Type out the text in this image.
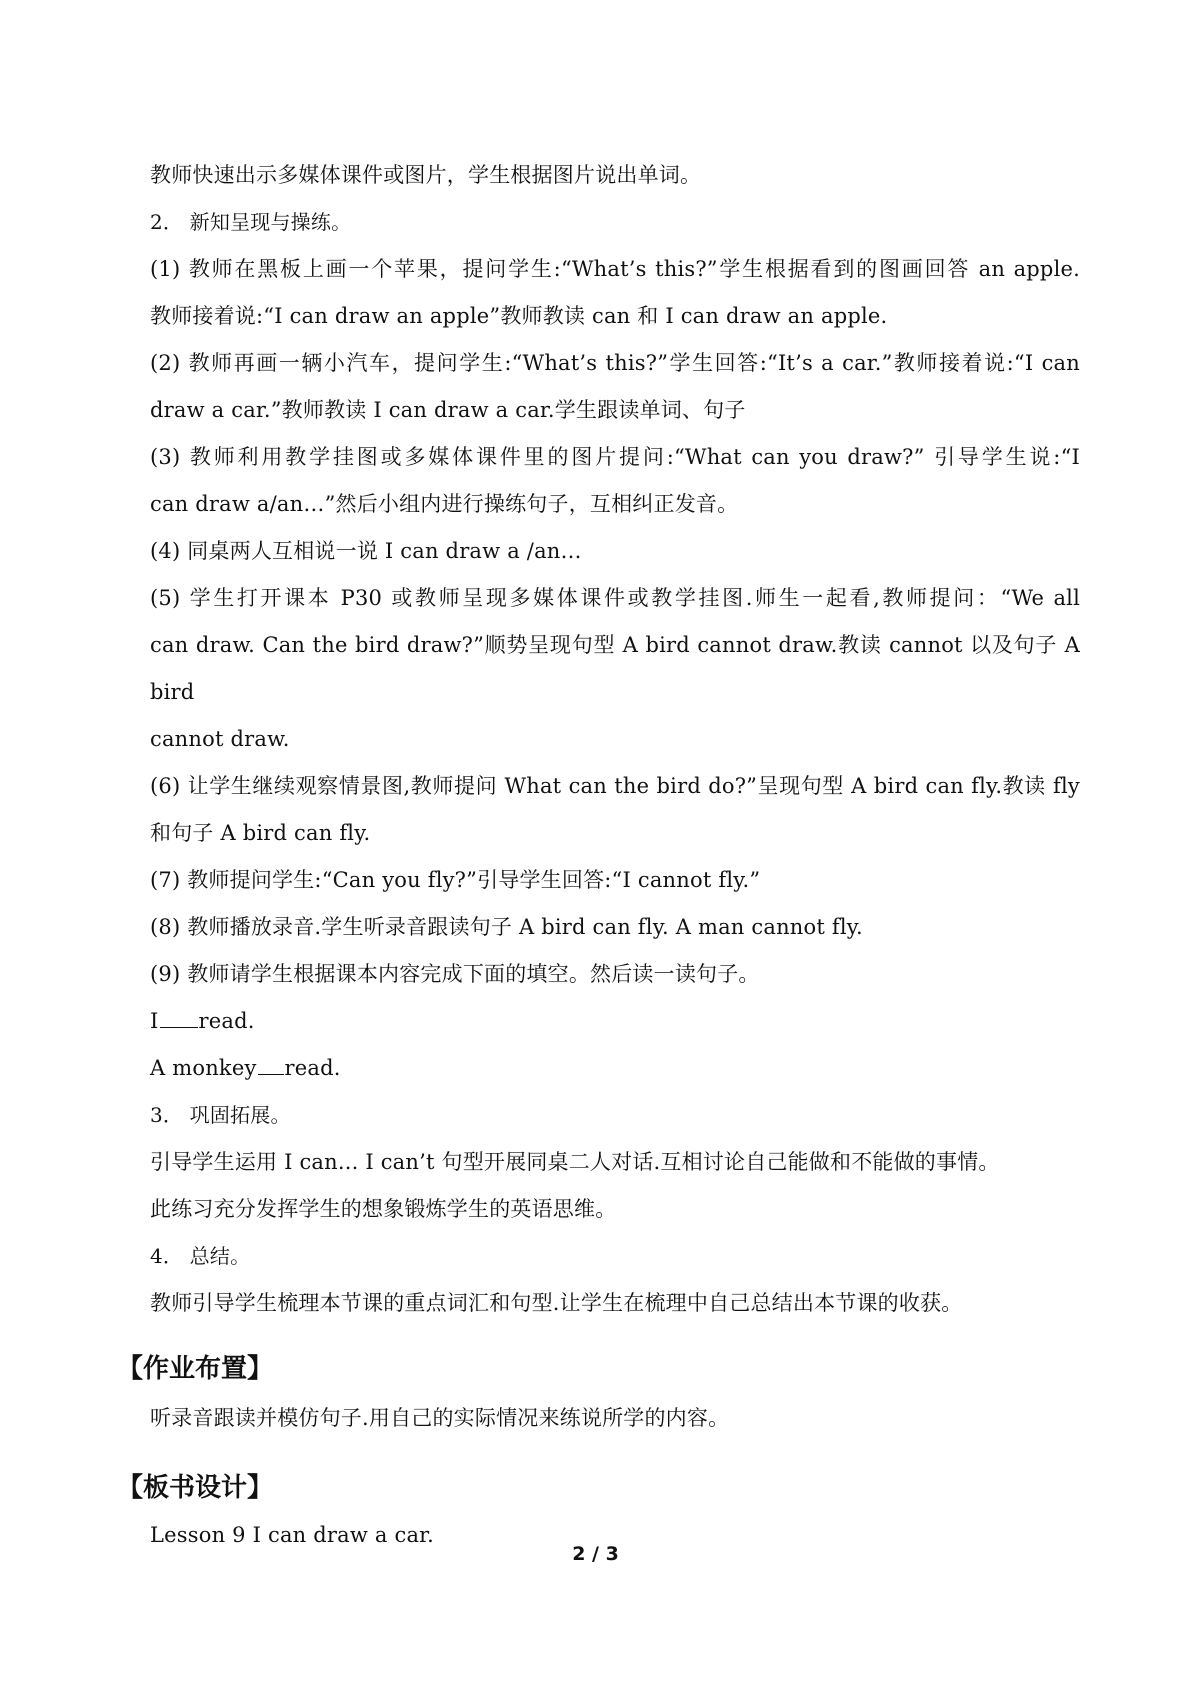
教师快速出示多媒体课件或图片，学生根据图片说出单词。

2． 新知呈现与操练。

(1) 教师在黑板上画一个苹果，提问学生:“What’s this?”学生根据看到的图画回答 an apple.

教师接着说:“I can draw an apple”教师教读 can 和 I can draw an apple.

(2) 教师再画一辆小汽车，提问学生:“What’s this?”学生回答:“It’s a car.”教师接着说:“I can

draw a car.”教师教读 I can draw a car.学生跟读单词、句子

(3) 教师利用教学挂图或多媒体课件里的图片提问:“What can you draw?” 引导学生说:“I

can draw a/an…”然后小组内进行操练句子，互相纠正发音。

(4) 同桌两人互相说一说 I can draw a /an…

(5) 学生打开课本 P30 或教师呈现多媒体课件或教学挂图.师生一起看,教师提问：“We all

can draw. Can the bird draw?”顺势呈现句型 A bird cannot draw.教读 cannot 以及句子 A bird

cannot draw.

(6) 让学生继续观察情景图,教师提问 What can the bird do?”呈现句型 A bird can fly.教读 fly

和句子 A bird can fly.

(7) 教师提问学生:“Can you fly?”引导学生回答:“I cannot fly.”

(8) 教师播放录音.学生听录音跟读句子 A bird can fly. A man cannot fly.

(9) 教师请学生根据课本内容完成下面的填空。然后读一读句子。

I read.

A monkey read.

3． 巩固拓展。

引导学生运用 I can... I can’t 句型开展同桌二人对话.互相讨论自己能做和不能做的事情。

此练习充分发挥学生的想象锻炼学生的英语思维。

4． 总结。

教师引导学生梳理本节课的重点词汇和句型.让学生在梳理中自己总结出本节课的收获。

【作业布置】

听录音跟读并模仿句子.用自己的实际情况来练说所学的内容。

【板书设计】

Lesson 9 I can draw a car.

2 / 3
